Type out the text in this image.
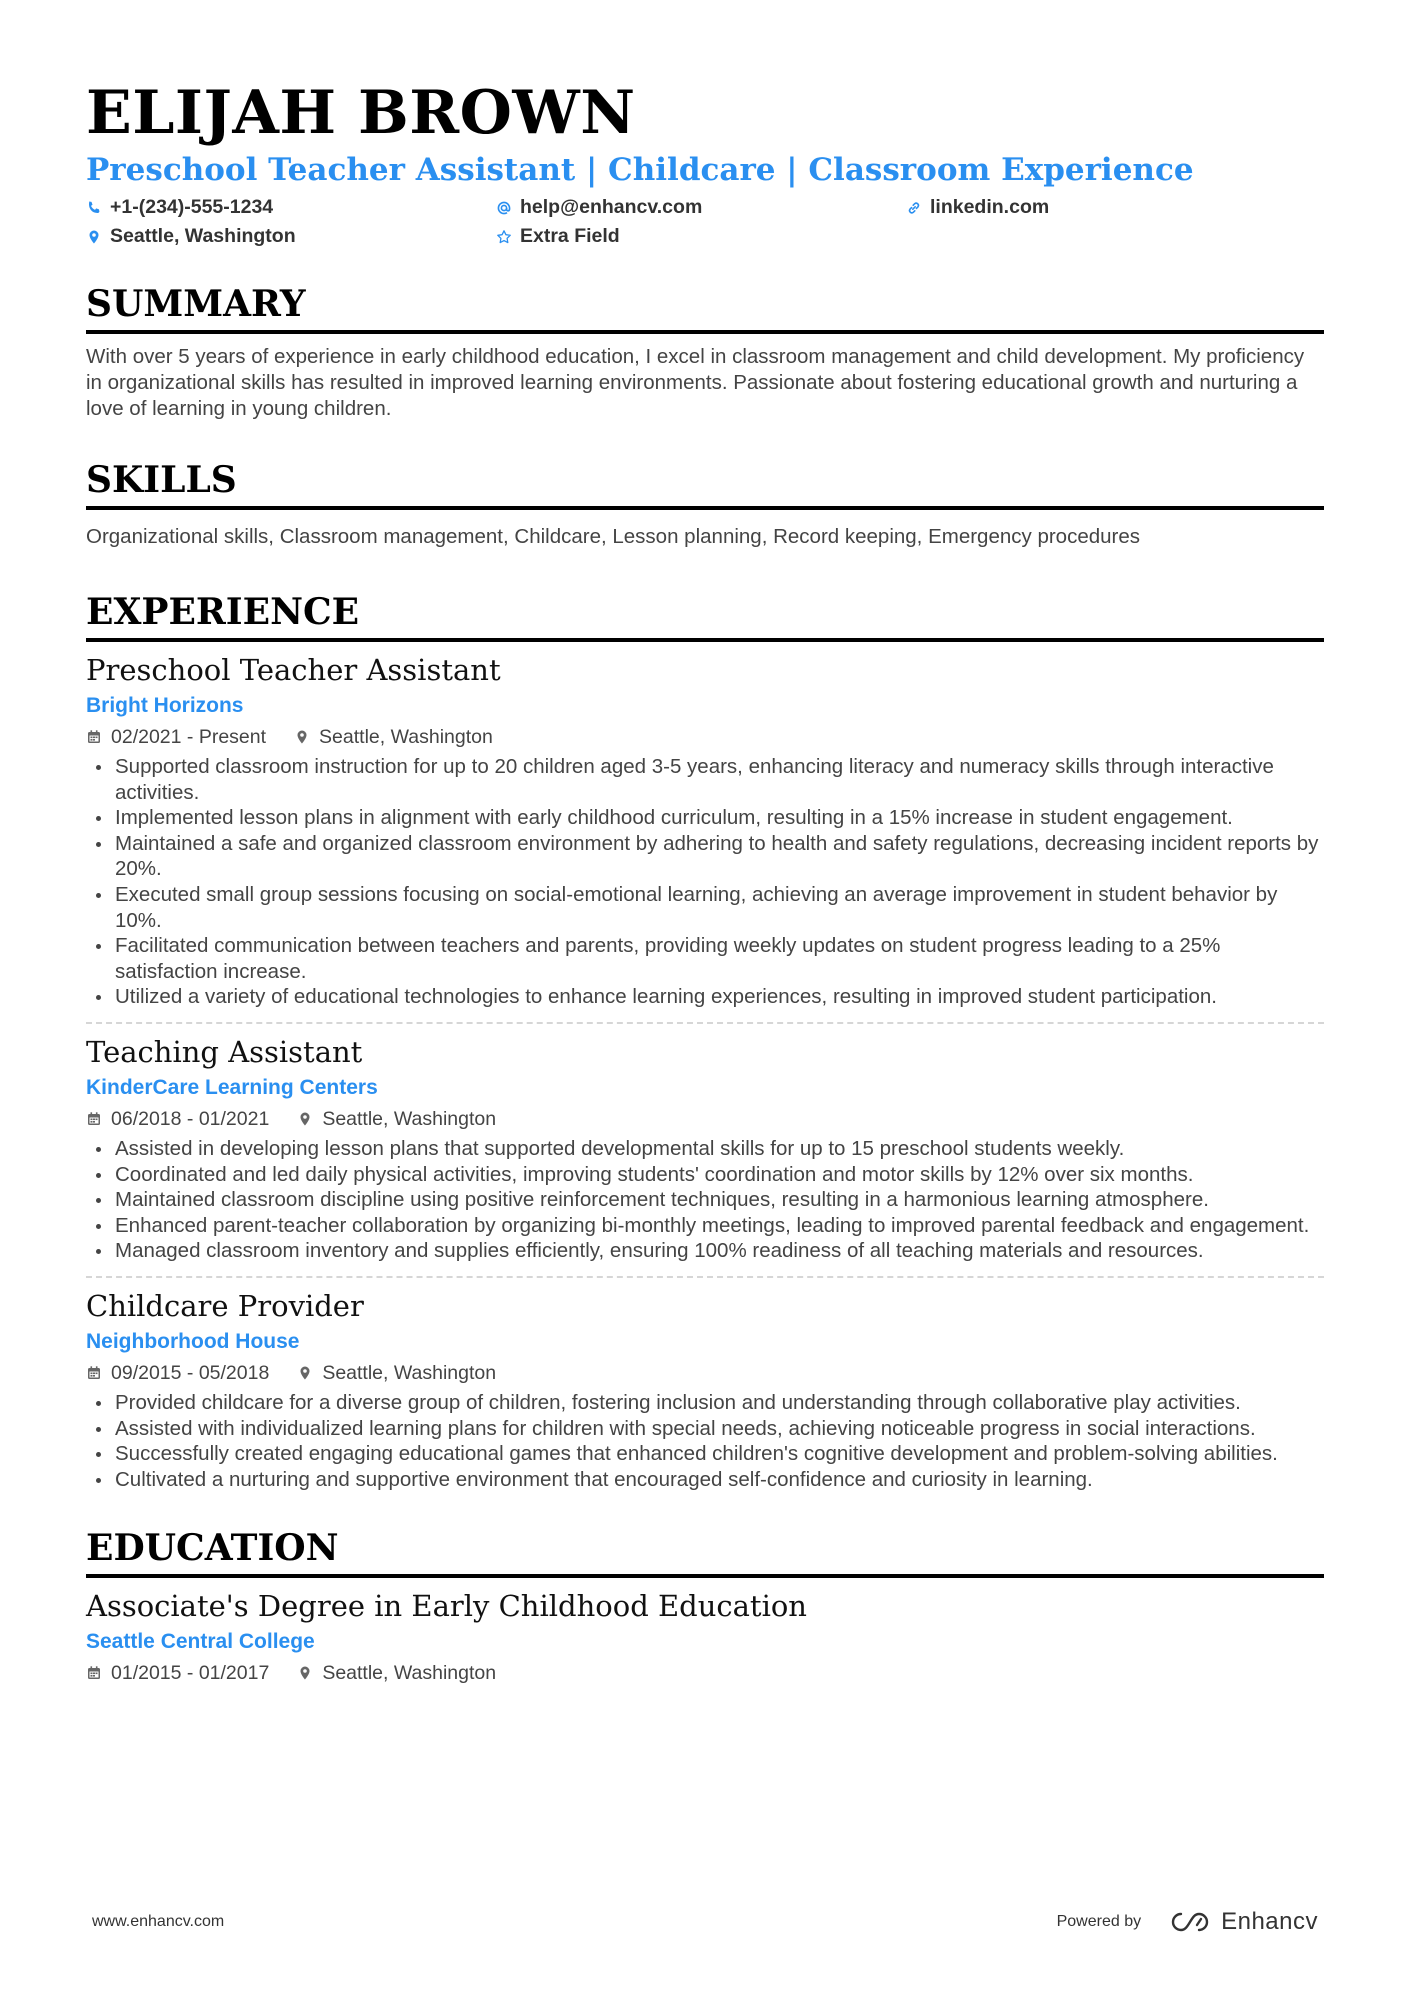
ELIJAH BROWN
Preschool Teacher Assistant | Childcare | Classroom Experience
+1-(234)-555-1234	help@enhancv.com	linkedin.com
Seattle, Washington	Extra Field
SUMMARY

With over 5 years of experience in early childhood education, I excel in classroom management and child development. My proficiency in organizational skills has resulted in improved learning environments. Passionate about fostering educational growth and nurturing a love of learning in young children.

SKILLS

Organizational skills, Classroom management, Childcare, Lesson planning, Record keeping, Emergency procedures

EXPERIENCE
Preschool Teacher Assistant
Bright Horizons
02/2021 - Present	Seattle, Washington
Supported classroom instruction for up to 20 children aged 3-5 years, enhancing literacy and numeracy skills through interactive activities.
Implemented lesson plans in alignment with early childhood curriculum, resulting in a 15% increase in student engagement.
Maintained a safe and organized classroom environment by adhering to health and safety regulations, decreasing incident reports by 20%.
Executed small group sessions focusing on social-emotional learning, achieving an average improvement in student behavior by 10%.
Facilitated communication between teachers and parents, providing weekly updates on student progress leading to a 25% satisfaction increase.
Utilized a variety of educational technologies to enhance learning experiences, resulting in improved student participation.
Teaching Assistant
KinderCare Learning Centers
06/2018 - 01/2021	Seattle, Washington
Assisted in developing lesson plans that supported developmental skills for up to 15 preschool students weekly.
Coordinated and led daily physical activities, improving students' coordination and motor skills by 12% over six months.
Maintained classroom discipline using positive reinforcement techniques, resulting in a harmonious learning atmosphere.
Enhanced parent-teacher collaboration by organizing bi-monthly meetings, leading to improved parental feedback and engagement.
Managed classroom inventory and supplies efficiently, ensuring 100% readiness of all teaching materials and resources.
Childcare Provider
Neighborhood House
09/2015 - 05/2018	Seattle, Washington
Provided childcare for a diverse group of children, fostering inclusion and understanding through collaborative play activities.
Assisted with individualized learning plans for children with special needs, achieving noticeable progress in social interactions.
Successfully created engaging educational games that enhanced children's cognitive development and problem-solving abilities.
Cultivated a nurturing and supportive environment that encouraged self-confidence and curiosity in learning.
EDUCATION
Associate's Degree in Early Childhood Education
Seattle Central College
01/2015 - 01/2017	Seattle, Washington
www.enhancv.com	Powered by	Enhancv
